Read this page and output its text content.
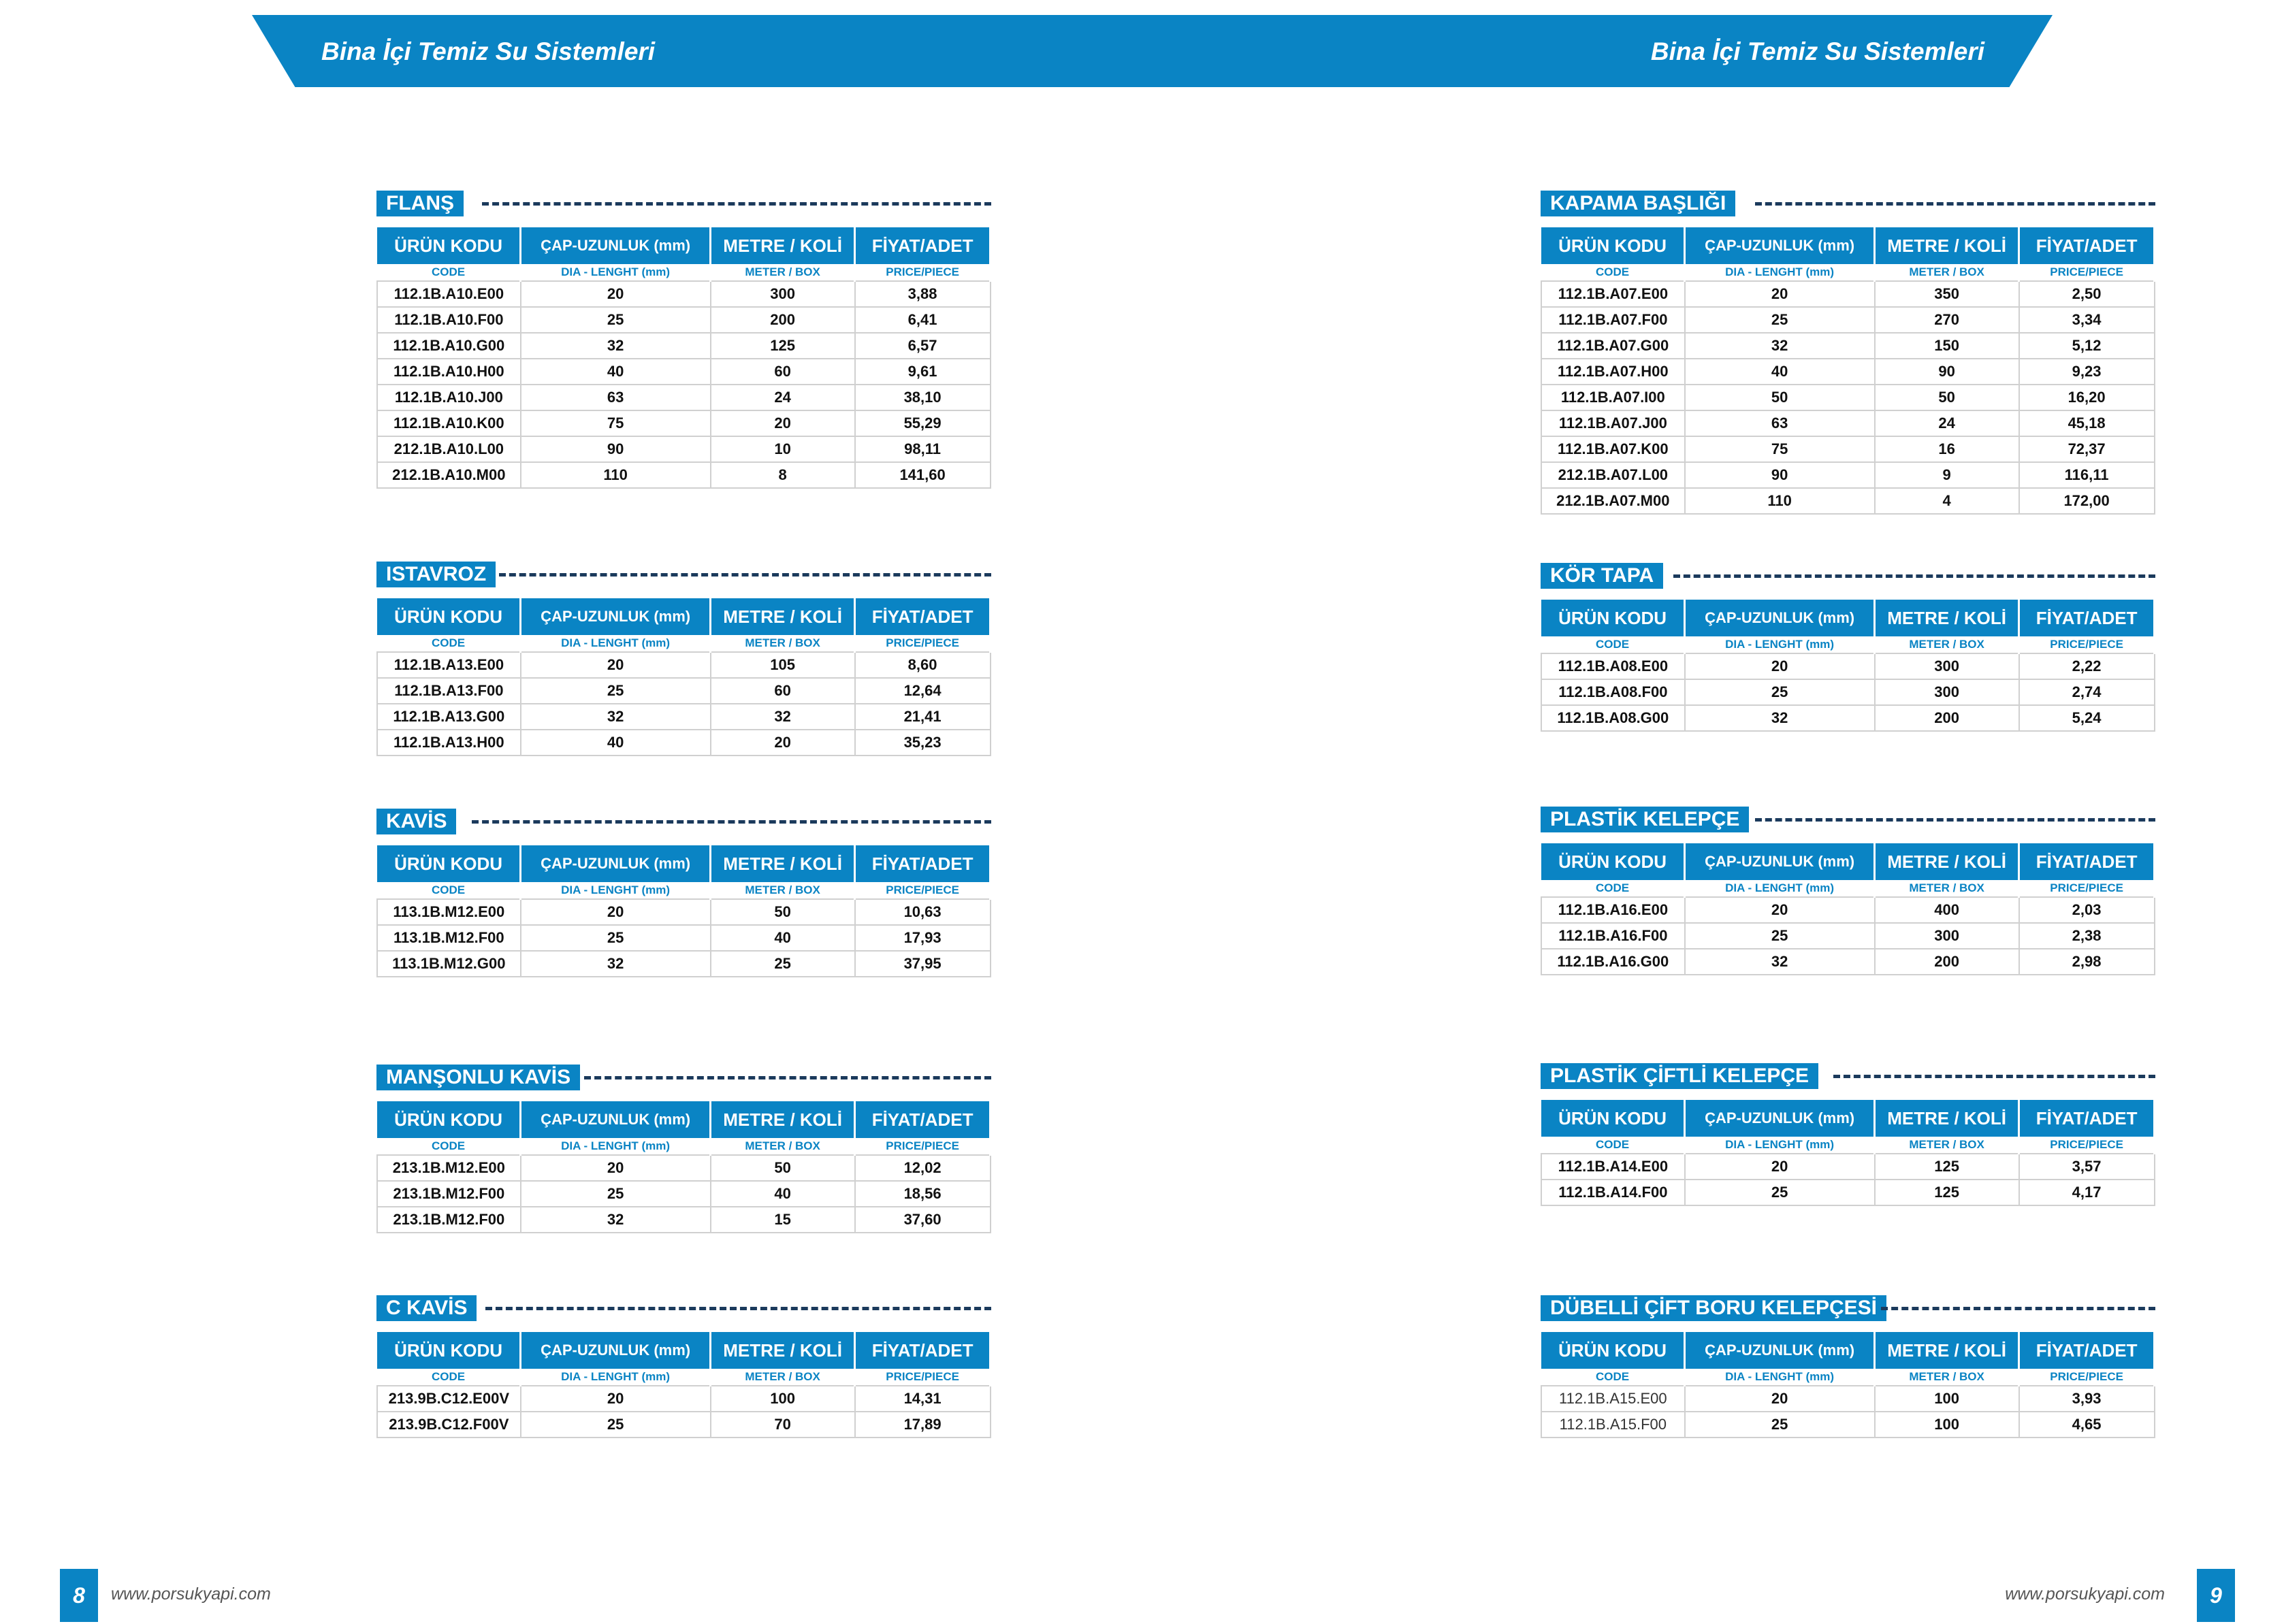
Bina İçi Temiz Su Sistemleri	Bina İçi Temiz Su Sistemleri
FLANŞ
ÜRÜN KODU	ÇAP-UZUNLUK (mm)	METRE / KOLİ	FİYAT/ADET
CODE	DIA - LENGHT (mm)	METER / BOX	PRICE/PIECE
112.1B.A10.E00	20	300	3,88
112.1B.A10.F00	25	200	6,41
112.1B.A10.G00	32	125	6,57
112.1B.A10.H00	40	60	9,61
112.1B.A10.J00	63	24	38,10
112.1B.A10.K00	75	20	55,29
212.1B.A10.L00	90	10	98,11
212.1B.A10.M00	110	8	141,60
ISTAVROZ
ÜRÜN KODU	ÇAP-UZUNLUK (mm)	METRE / KOLİ	FİYAT/ADET
CODE	DIA - LENGHT (mm)	METER / BOX	PRICE/PIECE
112.1B.A13.E00	20	105	8,60
112.1B.A13.F00	25	60	12,64
112.1B.A13.G00	32	32	21,41
112.1B.A13.H00	40	20	35,23
KAVİS
ÜRÜN KODU	ÇAP-UZUNLUK (mm)	METRE / KOLİ	FİYAT/ADET
CODE	DIA - LENGHT (mm)	METER / BOX	PRICE/PIECE
113.1B.M12.E00	20	50	10,63
113.1B.M12.F00	25	40	17,93
113.1B.M12.G00	32	25	37,95
MANŞONLU KAVİS
ÜRÜN KODU	ÇAP-UZUNLUK (mm)	METRE / KOLİ	FİYAT/ADET
CODE	DIA - LENGHT (mm)	METER / BOX	PRICE/PIECE
213.1B.M12.E00	20	50	12,02
213.1B.M12.F00	25	40	18,56
213.1B.M12.F00	32	15	37,60
C KAVİS
ÜRÜN KODU	ÇAP-UZUNLUK (mm)	METRE / KOLİ	FİYAT/ADET
CODE	DIA - LENGHT (mm)	METER / BOX	PRICE/PIECE
213.9B.C12.E00V	20	100	14,31
213.9B.C12.F00V	25	70	17,89
KAPAMA BAŞLIĞI
ÜRÜN KODU	ÇAP-UZUNLUK (mm)	METRE / KOLİ	FİYAT/ADET
CODE	DIA - LENGHT (mm)	METER / BOX	PRICE/PIECE
112.1B.A07.E00	20	350	2,50
112.1B.A07.F00	25	270	3,34
112.1B.A07.G00	32	150	5,12
112.1B.A07.H00	40	90	9,23
112.1B.A07.I00	50	50	16,20
112.1B.A07.J00	63	24	45,18
112.1B.A07.K00	75	16	72,37
212.1B.A07.L00	90	9	116,11
212.1B.A07.M00	110	4	172,00
KÖR TAPA
ÜRÜN KODU	ÇAP-UZUNLUK (mm)	METRE / KOLİ	FİYAT/ADET
CODE	DIA - LENGHT (mm)	METER / BOX	PRICE/PIECE
112.1B.A08.E00	20	300	2,22
112.1B.A08.F00	25	300	2,74
112.1B.A08.G00	32	200	5,24
PLASTİK KELEPÇE
ÜRÜN KODU	ÇAP-UZUNLUK (mm)	METRE / KOLİ	FİYAT/ADET
CODE	DIA - LENGHT (mm)	METER / BOX	PRICE/PIECE
112.1B.A16.E00	20	400	2,03
112.1B.A16.F00	25	300	2,38
112.1B.A16.G00	32	200	2,98
PLASTİK ÇİFTLİ KELEPÇE
ÜRÜN KODU	ÇAP-UZUNLUK (mm)	METRE / KOLİ	FİYAT/ADET
CODE	DIA - LENGHT (mm)	METER / BOX	PRICE/PIECE
112.1B.A14.E00	20	125	3,57
112.1B.A14.F00	25	125	4,17
DÜBELLİ ÇİFT BORU KELEPÇESİ
ÜRÜN KODU	ÇAP-UZUNLUK (mm)	METRE / KOLİ	FİYAT/ADET
CODE	DIA - LENGHT (mm)	METER / BOX	PRICE/PIECE
112.1B.A15.E00	20	100	3,93
112.1B.A15.F00	25	100	4,65
8	www.porsukyapi.com	www.porsukyapi.com	9
